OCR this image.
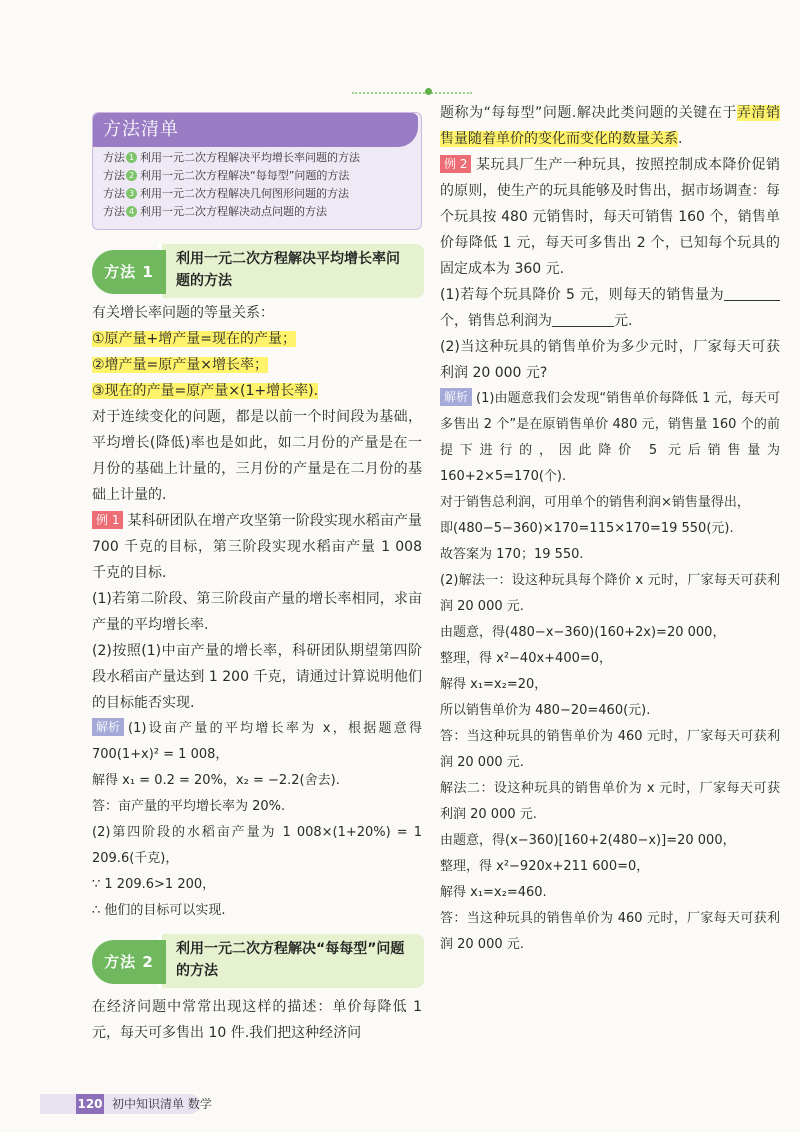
方法清单
方法 1 利用一元二次方程解决平均增长率问题的方法
方法 2 利用一元二次方程解决“每每型”问题的方法
方法 3 利用一元二次方程解决几何图形问题的方法
方法 4 利用一元二次方程解决动点问题的方法
方法 1
利用一元二次方程解决平均增长率问题的方法

有关增长率问题的等量关系：

①原产量+增产量=现在的产量；

②增产量=原产量×增长率；

③现在的产量=原产量×(1+增长率).

对于连续变化的问题，都是以前一个时间段为基础，平均增长(降低)率也是如此，如二月份的产量是在一月份的基础上计量的，三月份的产量是在二月份的基础上计量的.

例 1 某科研团队在增产攻坚第一阶段实现水稻亩产量 700 千克的目标，第三阶段实现水稻亩产量 1 008 千克的目标.

(1)若第二阶段、第三阶段亩产量的增长率相同，求亩产量的平均增长率.

(2)按照(1)中亩产量的增长率，科研团队期望第四阶段水稻亩产量达到 1 200 千克，请通过计算说明他们的目标能否实现.

解析 (1)设亩产量的平均增长率为 x，根据题意得 700(1+x)² = 1 008，

解得 x₁ = 0.2 = 20%，x₂ = −2.2(舍去).

答：亩产量的平均增长率为 20%.

(2)第四阶段的水稻亩产量为 1 008×(1+20%) = 1 209.6(千克)，

∵ 1 209.6>1 200，

∴ 他们的目标可以实现.

方法 2
利用一元二次方程解决“每每型”问题的方法

在经济问题中常常出现这样的描述：单价每降低 1 元，每天可多售出 10 件.我们把这种经济问

题称为“每每型”问题.解决此类问题的关键在于弄清销售量随着单价的变化而变化的数量关系.

例 2 某玩具厂生产一种玩具，按照控制成本降价促销的原则，使生产的玩具能够及时售出，据市场调查：每个玩具按 480 元销售时，每天可销售 160 个，销售单价每降低 1 元，每天可多售出 2 个，已知每个玩具的固定成本为 360 元.

(1)若每个玩具降价 5 元，则每天的销售量为个，销售总利润为	元.

(2)当这种玩具的销售单价为多少元时，厂家每天可获利润 20 000 元?

解析 (1)由题意我们会发现“销售单价每降低 1 元，每天可多售出 2 个”是在原销售单价 480 元，销售量 160 个的前提下进行的，因此降价 5 元后销售量为 160+2×5=170(个).

对于销售总利润，可用单个的销售利润×销售量得出，

即(480−5−360)×170=115×170=19 550(元).

故答案为 170；19 550.

(2)解法一：设这种玩具每个降价 x 元时，厂家每天可获利润 20 000 元.

由题意，得(480−x−360)(160+2x)=20 000，

整理，得 x²−40x+400=0，

解得 x₁=x₂=20，

所以销售单价为 480−20=460(元).

答：当这种玩具的销售单价为 460 元时，厂家每天可获利润 20 000 元.

解法二：设这种玩具的销售单价为 x 元时，厂家每天可获利润 20 000 元.

由题意，得(x−360)[160+2(480−x)]=20 000，

整理，得 x²−920x+211 600=0，

解得 x₁=x₂=460.

答：当这种玩具的销售单价为 460 元时，厂家每天可获利润 20 000 元.

120 初中知识清单 数学
